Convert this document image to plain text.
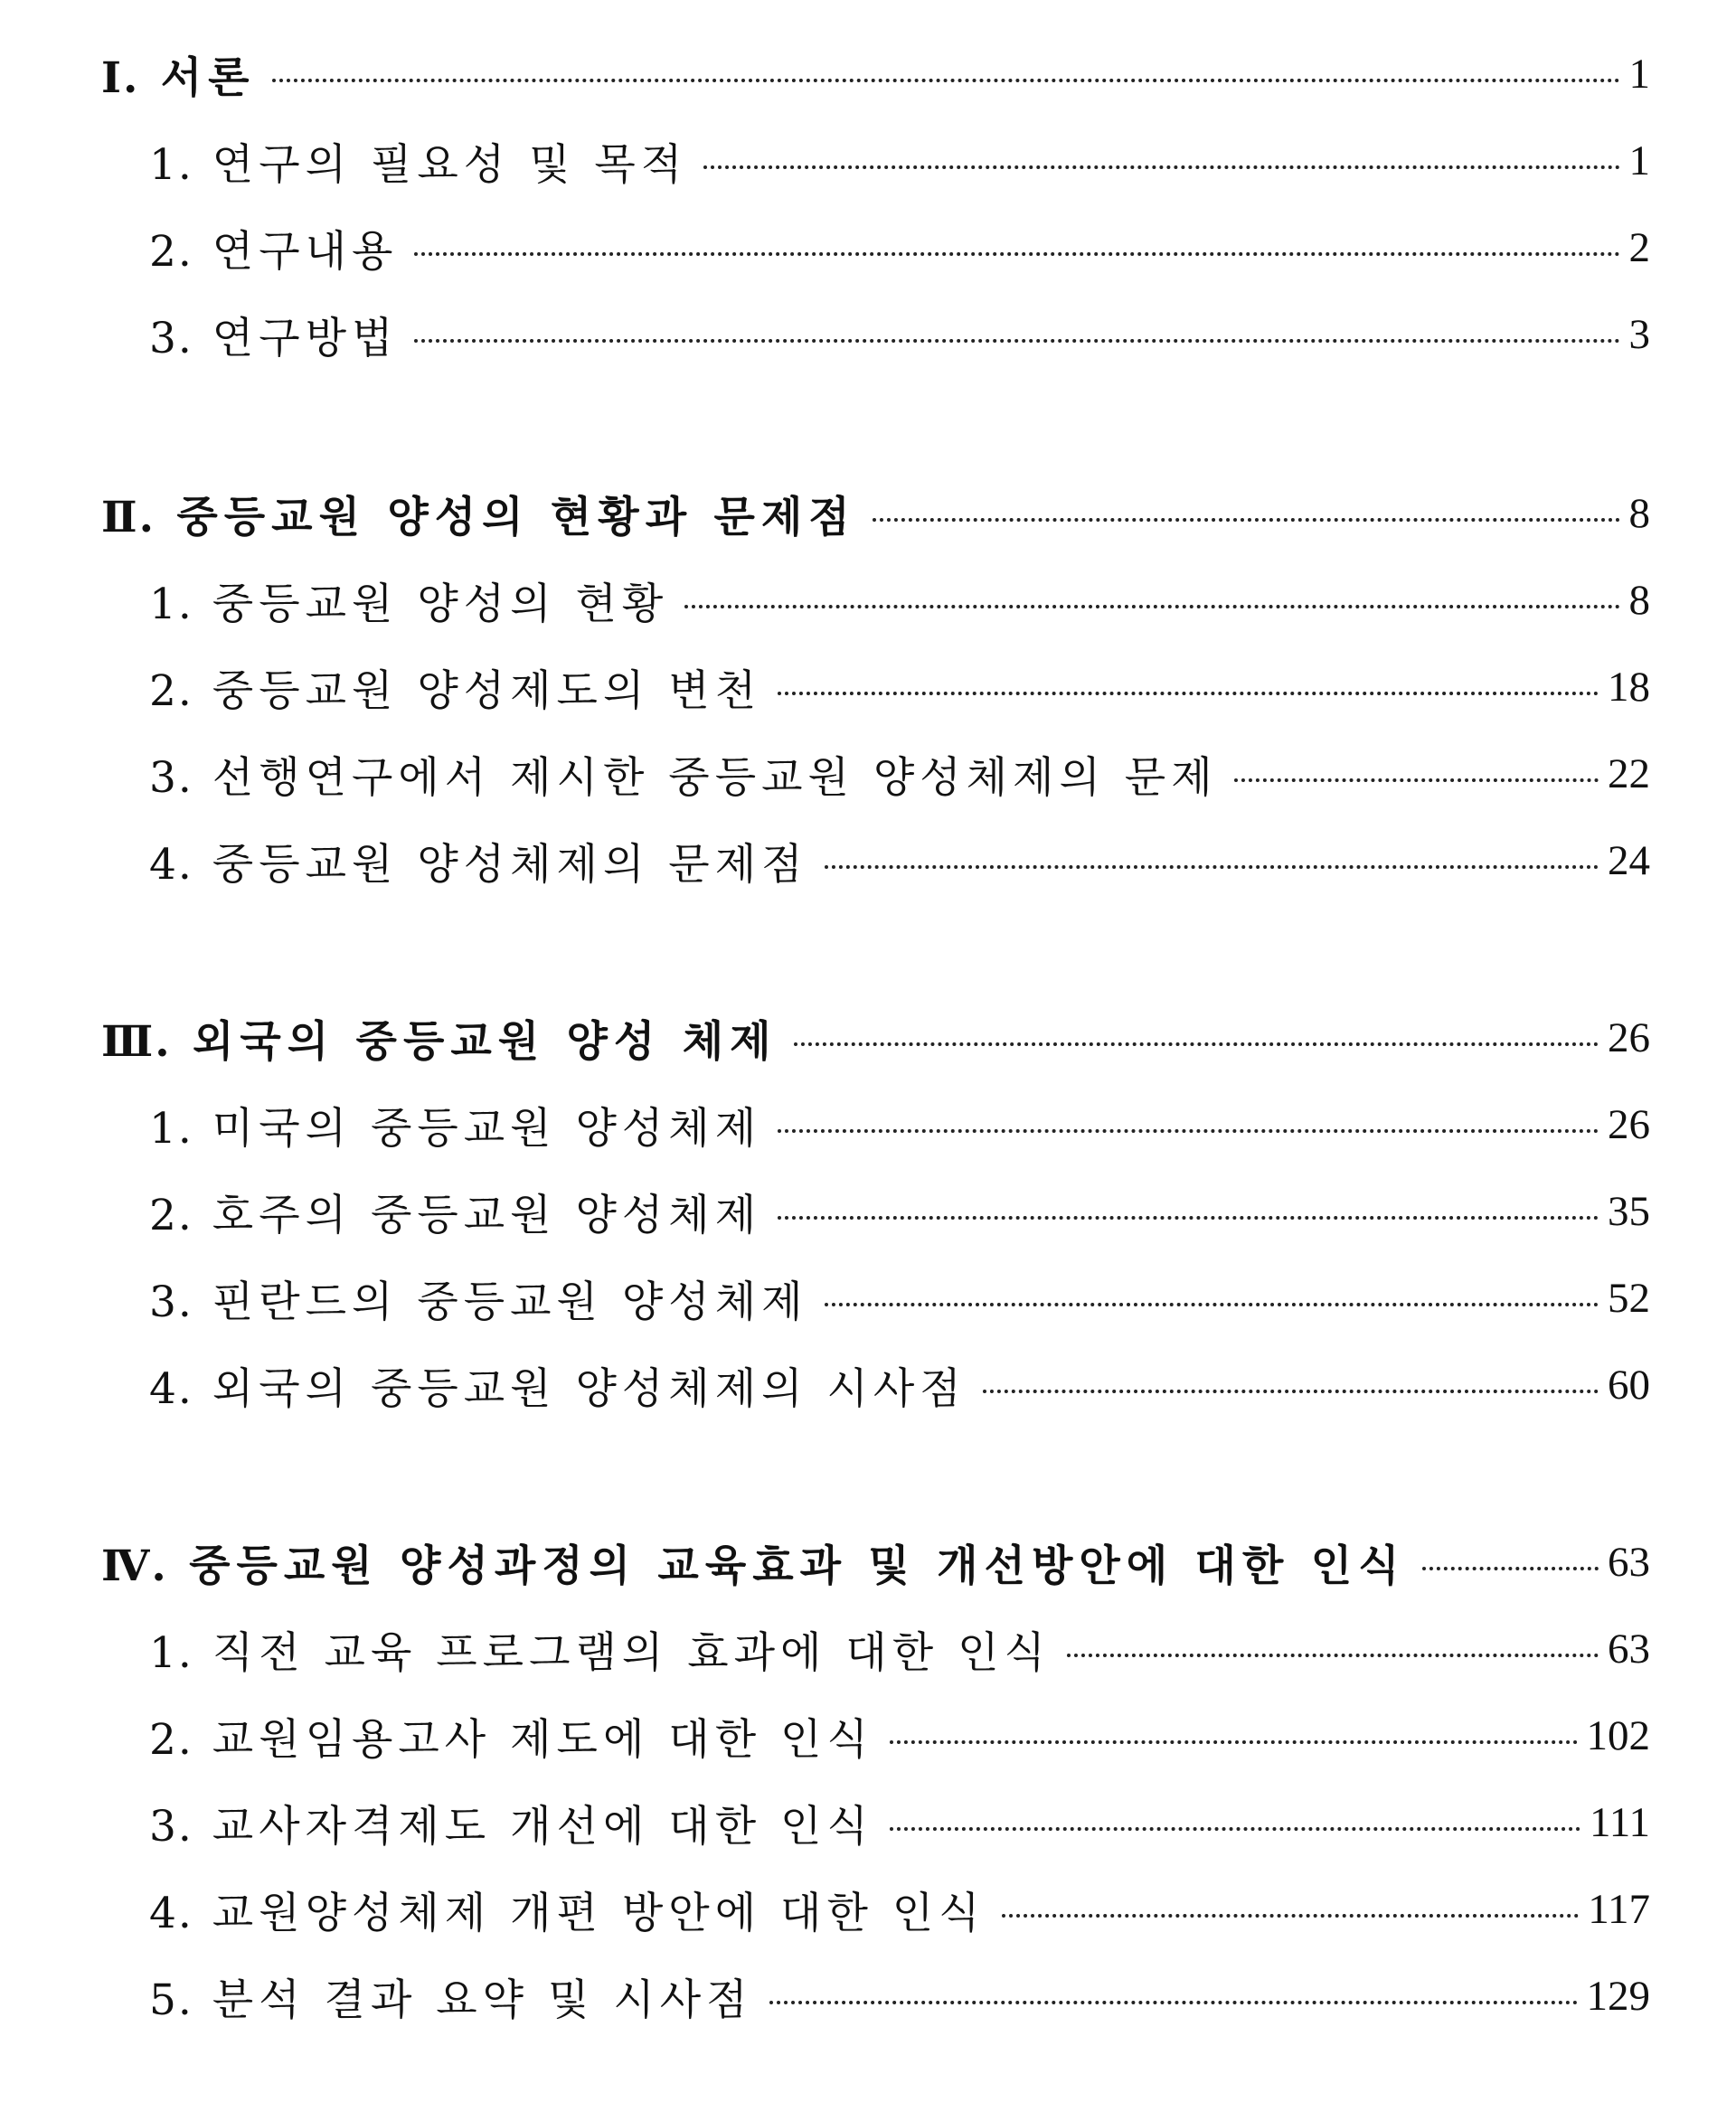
Ⅰ. 서론	1
1. 연구의 필요성 및 목적	1
2. 연구내용	2
3. 연구방법	3
Ⅱ. 중등교원 양성의 현황과 문제점	8
1. 중등교원 양성의 현황	8
2. 중등교원 양성제도의 변천	18
3. 선행연구에서 제시한 중등교원 양성체제의 문제	22
4. 중등교원 양성체제의 문제점	24
Ⅲ. 외국의 중등교원 양성 체제	26
1. 미국의 중등교원 양성체제	26
2. 호주의 중등교원 양성체제	35
3. 핀란드의 중등교원 양성체제	52
4. 외국의 중등교원 양성체제의 시사점	60
Ⅳ. 중등교원 양성과정의 교육효과 및 개선방안에 대한 인식	63
1. 직전 교육 프로그램의 효과에 대한 인식	63
2. 교원임용고사 제도에 대한 인식	102
3. 교사자격제도 개선에 대한 인식	111
4. 교원양성체제 개편 방안에 대한 인식	117
5. 분석 결과 요약 및 시사점	129
